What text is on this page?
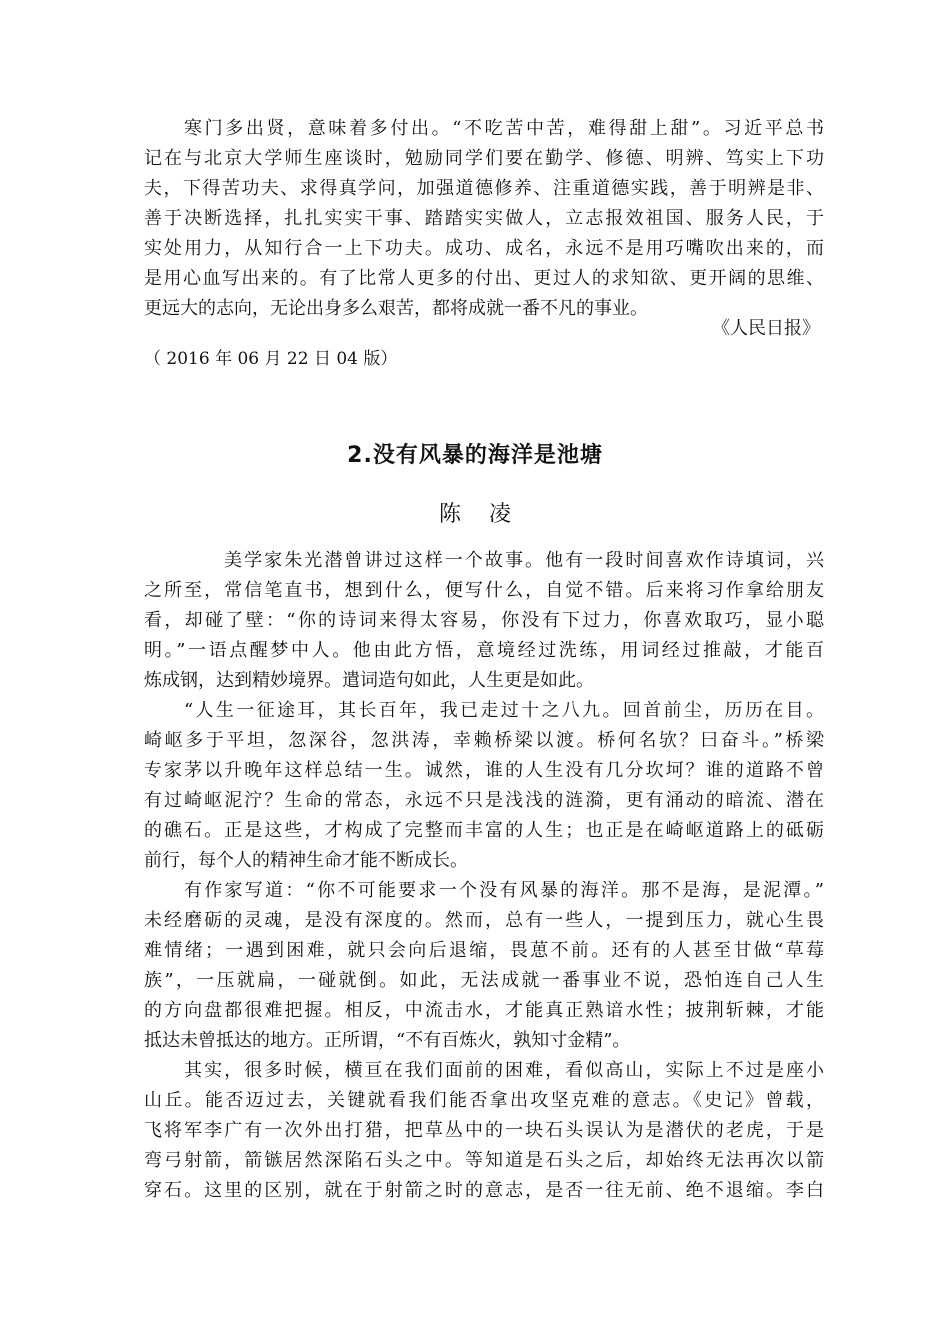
寒门多出贤，意味着多付出。“不吃苦中苦，难得甜上甜”。习近平总书
记在与北京大学师生座谈时，勉励同学们要在勤学、修德、明辨、笃实上下功
夫，下得苦功夫、求得真学问，加强道德修养、注重道德实践，善于明辨是非、
善于决断选择，扎扎实实干事、踏踏实实做人，立志报效祖国、服务人民，于
实处用力，从知行合一上下功夫。成功、成名，永远不是用巧嘴吹出来的，而
是用心血写出来的。有了比常人更多的付出、更过人的求知欲、更开阔的思维、
更远大的志向，无论出身多么艰苦，都将成就一番不凡的事业。
《人民日报》
（ 2016 年 06 月 22 日 04 版）
2.没有风暴的海洋是池塘
陈凌
美学家朱光潜曾讲过这样一个故事。他有一段时间喜欢作诗填词，兴
之所至，常信笔直书，想到什么，便写什么，自觉不错。后来将习作拿给朋友
看，却碰了壁：“你的诗词来得太容易，你没有下过力，你喜欢取巧，显小聪
明。”一语点醒梦中人。他由此方悟，意境经过洗练，用词经过推敲，才能百
炼成钢，达到精妙境界。遣词造句如此，人生更是如此。
“人生一征途耳，其长百年，我已走过十之八九。回首前尘，历历在目。
崎岖多于平坦，忽深谷，忽洪涛，幸赖桥梁以渡。桥何名欤？曰奋斗。”桥梁
专家茅以升晚年这样总结一生。诚然，谁的人生没有几分坎坷？谁的道路不曾
有过崎岖泥泞？生命的常态，永远不只是浅浅的涟漪，更有涌动的暗流、潜在
的礁石。正是这些，才构成了完整而丰富的人生；也正是在崎岖道路上的砥砺
前行，每个人的精神生命才能不断成长。
有作家写道：“你不可能要求一个没有风暴的海洋。那不是海，是泥潭。”
未经磨砺的灵魂，是没有深度的。然而，总有一些人，一提到压力，就心生畏
难情绪；一遇到困难，就只会向后退缩，畏葸不前。还有的人甚至甘做“草莓
族”，一压就扁，一碰就倒。如此，无法成就一番事业不说，恐怕连自己人生
的方向盘都很难把握。相反，中流击水，才能真正熟谙水性；披荆斩棘，才能
抵达未曾抵达的地方。正所谓，“不有百炼火，孰知寸金精”。
其实，很多时候，横亘在我们面前的困难，看似高山，实际上不过是座小
山丘。能否迈过去，关键就看我们能否拿出攻坚克难的意志。《史记》曾载，
飞将军李广有一次外出打猎，把草丛中的一块石头误认为是潜伏的老虎，于是
弯弓射箭，箭镞居然深陷石头之中。等知道是石头之后，却始终无法再次以箭
穿石。这里的区别，就在于射箭之时的意志，是否一往无前、绝不退缩。李白
